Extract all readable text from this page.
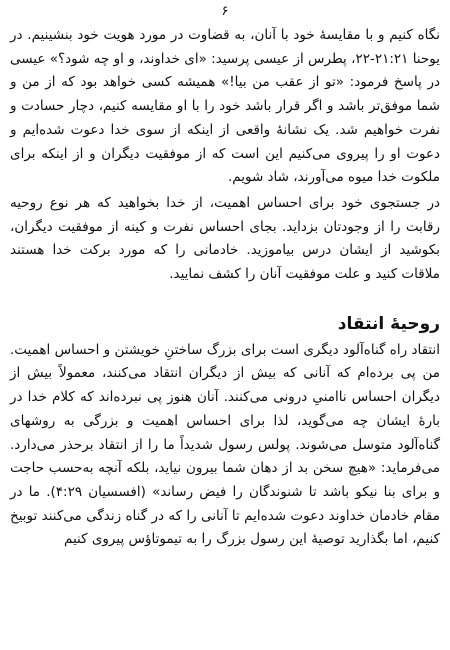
۶

نگاه کنیم و با مقایسهٔ خود با آنان، به قضاوت در مورد هویت خود بنشینیم. در یوحنا ۲۱:۲۱-۲۲، پطرس از عیسی پرسید: «ای خداوند، و او چه شود؟» عیسی در پاسخ فرمود: «تو از عقب من بیا!» همیشه کسی خواهد بود که از من و شما موفق‌تر باشد و اگر قرار باشد خود را با او مقایسه کنیم، دچار حسادت و نفرت خواهیم شد. یک نشانهٔ واقعی از اینکه از سوی خدا دعوت شده‌ایم و دعوت او را پیروی می‌کنیم این است که از موفقیت دیگران و از اینکه برای ملکوت خدا میوه می‌آورند، شاد شویم.

در جستجوی خود برای احساس اهمیت، از خدا بخواهید که هر نوع روحیه رقابت را از وجودتان بزدايد. بجای احساس نفرت و کینه از موفقیت دیگران، بکوشید از ایشان درس بیاموزید. خادمانی را که مورد برکت خدا هستند ملاقات کنید و علت موفقیت آنان را کشف نمایید.

روحیهٔ انتقاد

انتقاد راه گناه‌آلود دیگری است برای بزرگ ساختنِ خویشتن و احساس اهمیت. من پی برده‌ام که آنانی که بیش از دیگران انتقاد می‌کنند، معمولاً بیش از دیگران احساس ناامنیِ درونی می‌کنند. آنان هنوز پی نبرده‌اند که کلام خدا در بارهٔ ایشان چه می‌گوید، لذا برای احساس اهمیت و بزرگی به روشهای گناه‌آلود متوسل می‌شوند. پولس رسول شدیداً ما را از انتقاد برحذر می‌دارد. می‌فرماید: «هیچ سخن بد از دهان شما بیرون نیاید، بلکه آنچه به‌حسب حاجت و برای بنا نیکو باشد تا شنوندگان را فیض رساند» (افسسیان ۴:۲۹). ما در مقام خادمان خداوند دعوت شده‌ایم تا آنانی را که در گناه زندگی می‌کنند توبیخ کنیم، اما بگذارید توصیهٔ این رسول بزرگ را به تیموتاؤس پیروی کنیم
